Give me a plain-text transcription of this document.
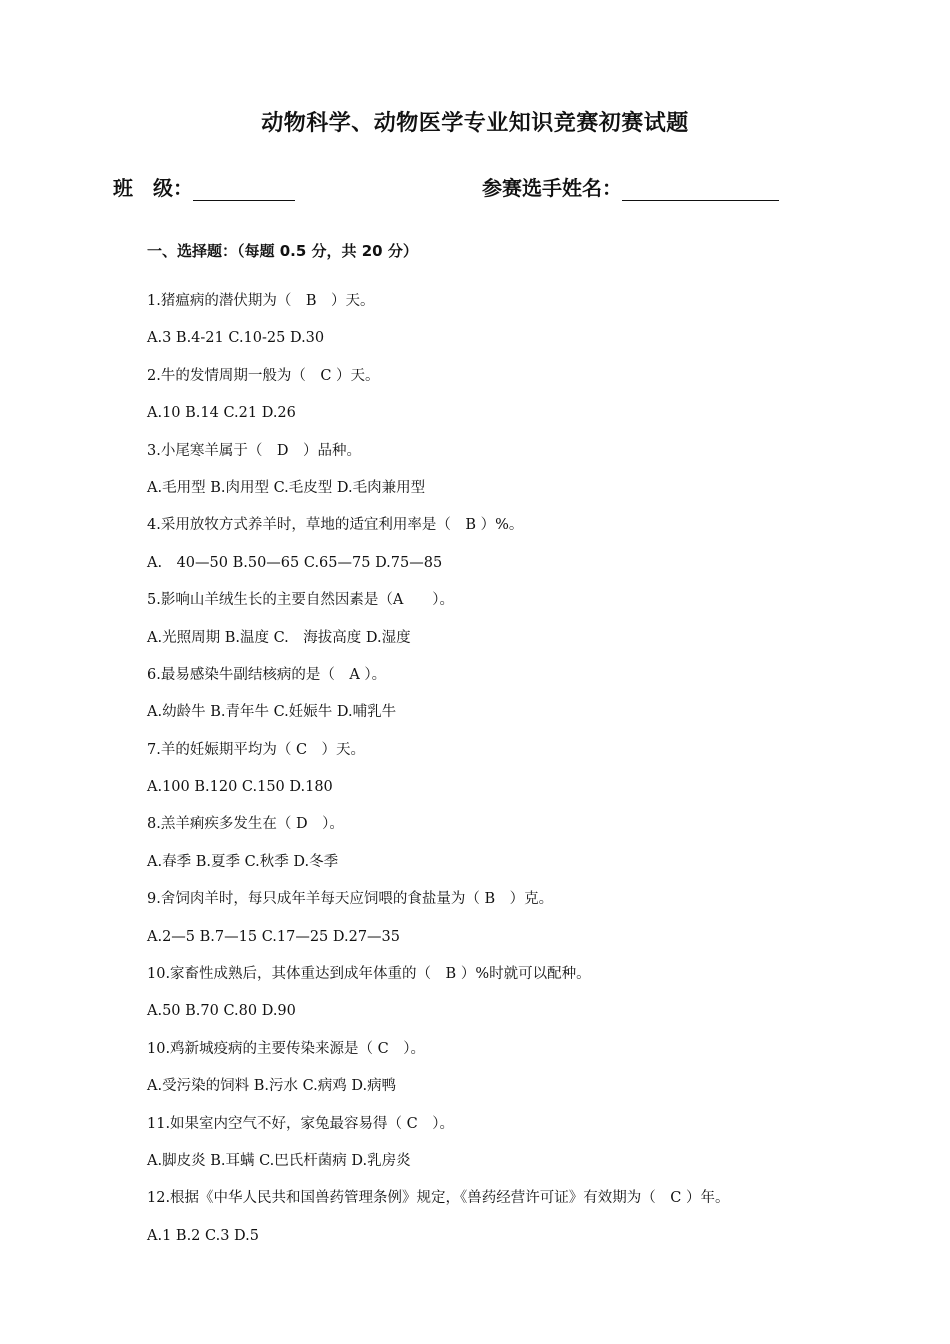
动物科学、动物医学专业知识竞赛初赛试题
班　级：	参赛选手姓名：
一、选择题：（每题 0.5 分，共 20 分）
1.猪瘟病的潜伏期为（　B　）天。
A.3 B.4-21 C.10-25 D.30
2.牛的发情周期一般为（　C ）天。
A.10 B.14 C.21 D.26
3.小尾寒羊属于（　D　）品种。
A.毛用型 B.肉用型 C.毛皮型 D.毛肉兼用型
4.采用放牧方式养羊时，草地的适宜利用率是（　B ）%。
A.　40—50 B.50—65 C.65—75 D.75—85
5.影响山羊绒生长的主要自然因素是（A　　）。
A.光照周期 B.温度 C.　海拔高度 D.湿度
6.最易感染牛副结核病的是（　A ）。
A.幼龄牛 B.青年牛 C.妊娠牛 D.哺乳牛
7.羊的妊娠期平均为（ C　）天。
A.100 B.120 C.150 D.180
8.羔羊痢疾多发生在（ D　）。
A.春季 B.夏季 C.秋季 D.冬季
9.舍饲肉羊时，每只成年羊每天应饲喂的食盐量为（ B　）克。
A.2—5 B.7—15 C.17—25 D.27—35
10.家畜性成熟后，其体重达到成年体重的（　B ）%时就可以配种。
A.50 B.70 C.80 D.90
10.鸡新城疫病的主要传染来源是（ C　）。
A.受污染的饲料 B.污水 C.病鸡 D.病鸭
11.如果室内空气不好，家兔最容易得（ C　）。
A.脚皮炎 B.耳螨 C.巴氏杆菌病 D.乳房炎
12.根据《中华人民共和国兽药管理条例》规定，《兽药经营许可证》有效期为（　C ）年。
A.1 B.2 C.3 D.5
